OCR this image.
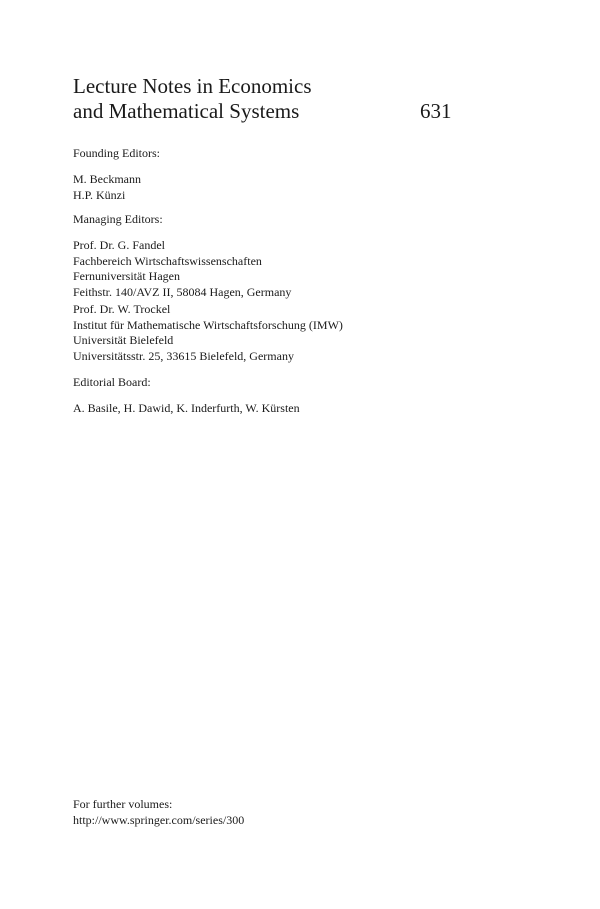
Lecture Notes in Economics
and Mathematical Systems	631
Founding Editors:
M. Beckmann
H.P. Künzi
Managing Editors:
Prof. Dr. G. Fandel
Fachbereich Wirtschaftswissenschaften
Fernuniversität Hagen
Feithstr. 140/AVZ II, 58084 Hagen, Germany
Prof. Dr. W. Trockel
Institut für Mathematische Wirtschaftsforschung (IMW)
Universität Bielefeld
Universitätsstr. 25, 33615 Bielefeld, Germany
Editorial Board:
A. Basile, H. Dawid, K. Inderfurth, W. Kürsten
For further volumes:
http://www.springer.com/series/300
